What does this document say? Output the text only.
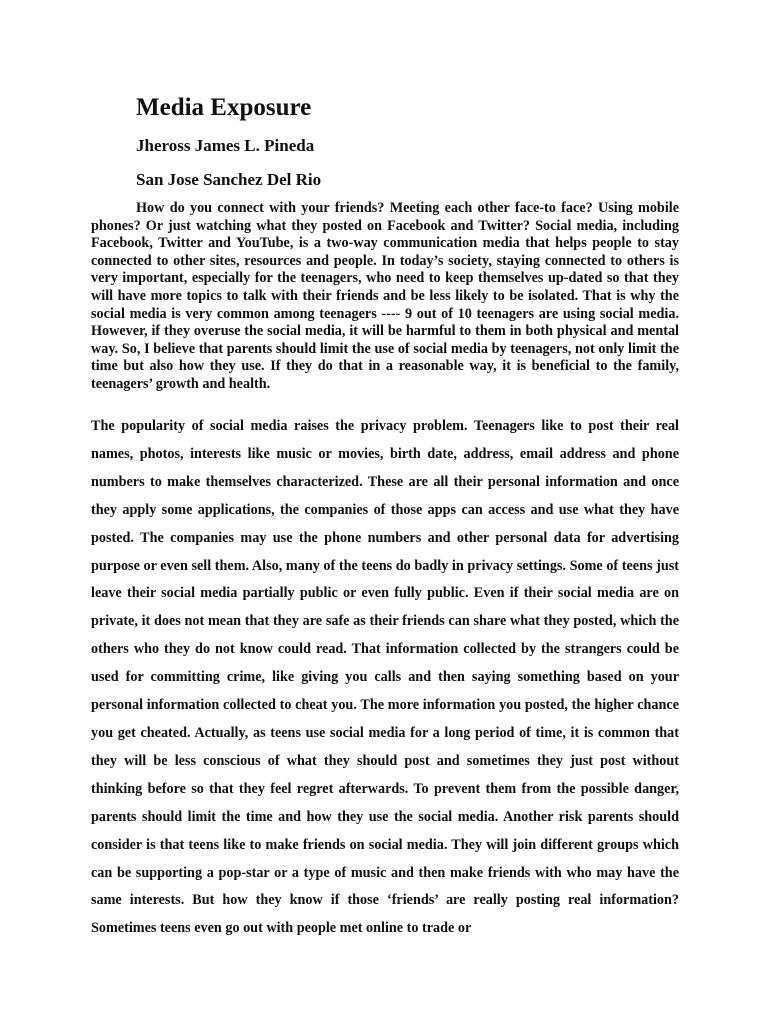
Media Exposure
Jheross James L. Pineda
San Jose Sanchez Del Rio

How do you connect with your friends? Meeting each other face-to face? Using mobile phones? Or just watching what they posted on Facebook and Twitter? Social media, including Facebook, Twitter and YouTube, is a two-way communication media that helps people to stay connected to other sites, resources and people. In today’s society, staying connected to others is very important, especially for the teenagers, who need to keep themselves up-dated so that they will have more topics to talk with their friends and be less likely to be isolated. That is why the social media is very common among teenagers ---- 9 out of 10 teenagers are using social media. However, if they overuse the social media, it will be harmful to them in both physical and mental way. So, I believe that parents should limit the use of social media by teenagers, not only limit the time but also how they use. If they do that in a reasonable way, it is beneficial to the family, teenagers’ growth and health.

The popularity of social media raises the privacy problem. Teenagers like to post their real names, photos, interests like music or movies, birth date, address, email address and phone numbers to make themselves characterized. These are all their personal information and once they apply some applications, the companies of those apps can access and use what they have posted. The companies may use the phone numbers and other personal data for advertising purpose or even sell them. Also, many of the teens do badly in privacy settings. Some of teens just leave their social media partially public or even fully public. Even if their social media are on private, it does not mean that they are safe as their friends can share what they posted, which the others who they do not know could read. That information collected by the strangers could be used for committing crime, like giving you calls and then saying something based on your personal information collected to cheat you. The more information you posted, the higher chance you get cheated. Actually, as teens use social media for a long period of time, it is common that they will be less conscious of what they should post and sometimes they just post without thinking before so that they feel regret afterwards. To prevent them from the possible danger, parents should limit the time and how they use the social media. Another risk parents should consider is that teens like to make friends on social media. They will join different groups which can be supporting a pop-star or a type of music and then make friends with who may have the same interests. But how they know if those ‘friends’ are really posting real information? Sometimes teens even go out with people met online to trade or
